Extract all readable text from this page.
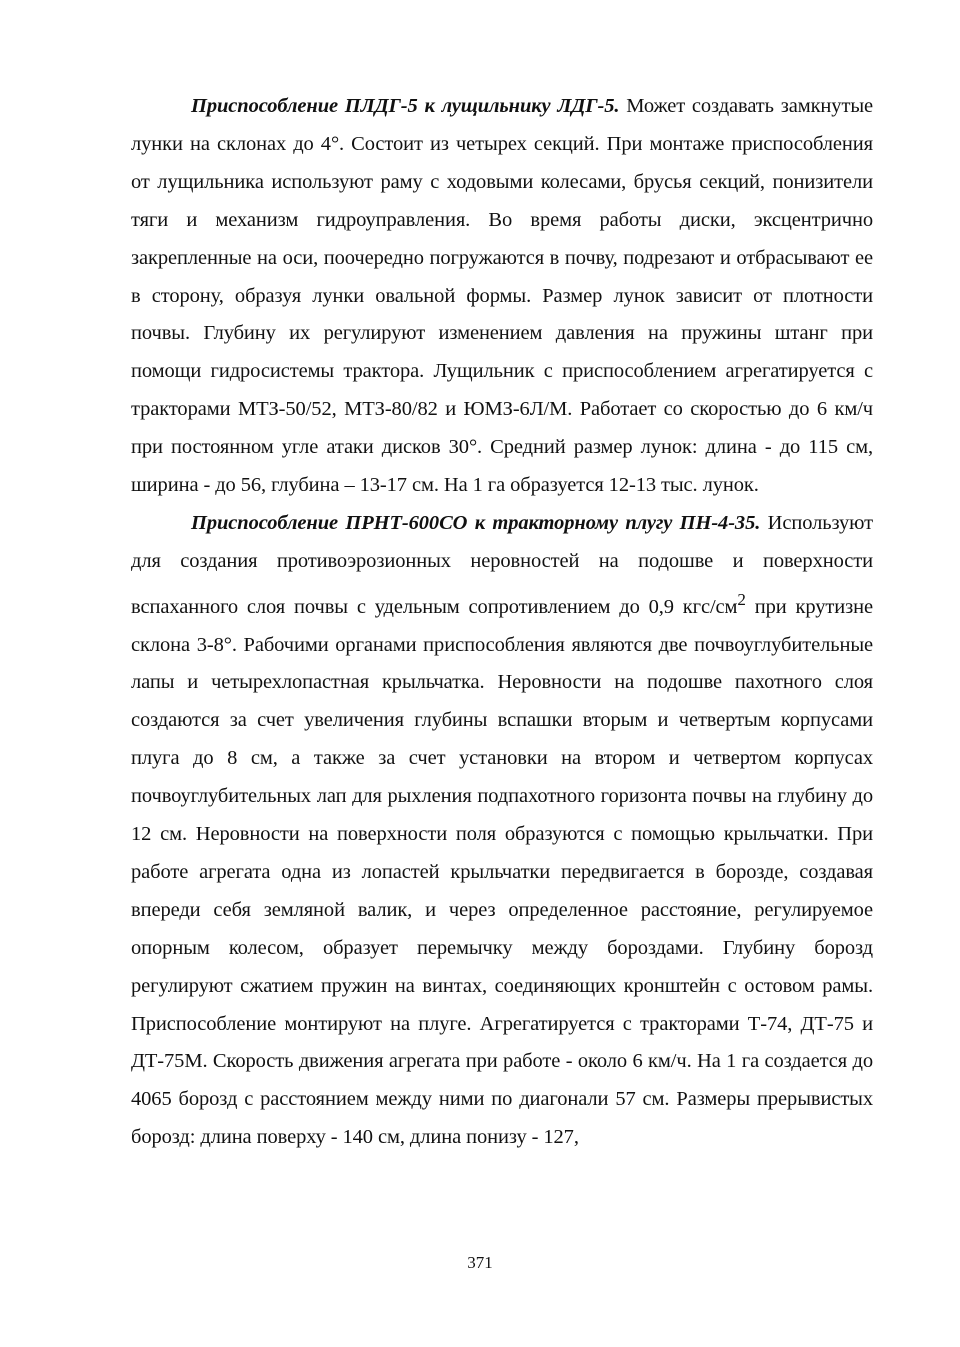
Приспособление ПЛДГ-5 к лущильнику ЛДГ-5. Может создавать замкнутые лунки на склонах до 4°. Состоит из четырех секций. При монтаже приспособления от лущильника используют раму с ходовыми колесами, брусья секций, понизители тяги и механизм гидроуправления. Во время работы диски, эксцентрично закрепленные на оси, поочередно погружаются в почву, подрезают и отбрасывают ее в сторону, образуя лунки овальной формы. Размер лунок зависит от плотности почвы. Глубину их регулируют изменением давления на пружины штанг при помощи гидросистемы трактора. Лущильник с приспособлением агрегатируется с тракторами МТЗ-50/52, МТЗ-80/82 и ЮМЗ-6Л/М. Работает со скоростью до 6 км/ч при постоянном угле атаки дисков 30°. Средний размер лунок: длина - до 115 см, ширина - до 56, глубина – 13-17 см. На 1 га образуется 12-13 тыс. лунок.

Приспособление ПРНТ-600СО к тракторному плугу ПН-4-35. Используют для создания противоэрозионных неровностей на подошве и поверхности вспаханного слоя почвы с удельным сопротивлением до 0,9 кгс/$см^2$ при крутизне склона 3-8°. Рабочими органами приспособления являются две почвоуглубительные лапы и четырехлопастная крыльчатка. Неровности на подошве пахотного слоя создаются за счет увеличения глубины вспашки вторым и четвертым корпусами плуга до 8 см, а также за счет установки на втором и четвертом корпусах почвоуглубительных лап для рыхления подпахотного горизонта почвы на глубину до 12 см. Неровности на поверхности поля образуются с помощью крыльчатки. При работе агрегата одна из лопастей крыльчатки передвигается в борозде, создавая впереди себя земляной валик, и через определенное расстояние, регулируемое опорным колесом, образует перемычку между бороздами. Глубину борозд регулируют сжатием пружин на винтах, соединяющих кронштейн с остовом рамы. Приспособление монтируют на плуге. Агрегатируется с тракторами Т-74, ДТ-75 и ДТ-75М. Скорость движения агрегата при работе - около 6 км/ч. На 1 га создается до 4065 борозд с расстоянием между ними по диагонали 57 см. Размеры прерывистых борозд: длина поверху - 140 см, длина понизу - 127,

371
